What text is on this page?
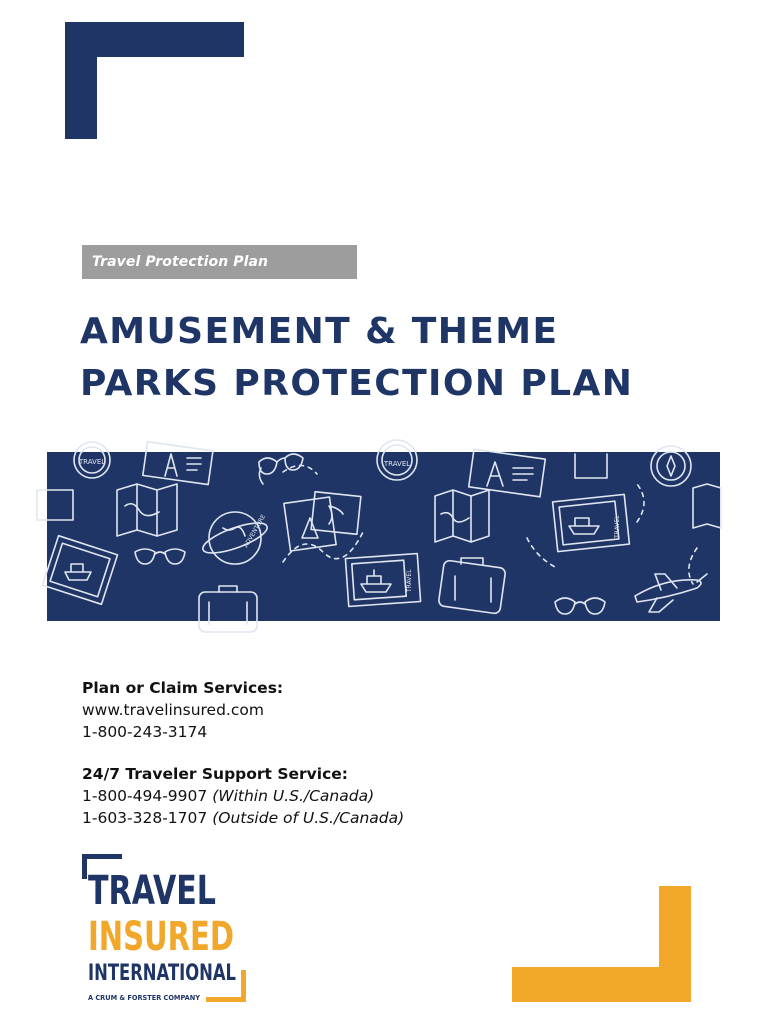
Travel Protection Plan
AMUSEMENT & THEME
PARKS PROTECTION PLAN
TRAVEL
ADVENTURE
TRAVEL
TRAVEL
TRAVEL
Plan or Claim Services:
www.travelinsured.com
1-800-243-3174
24/7 Traveler Support Service:
1-800-494-9907 (Within U.S./Canada)
1-603-328-1707 (Outside of U.S./Canada)
TRAVEL
INSURED
INTERNATIONAL
A CRUM & FORSTER COMPANY
